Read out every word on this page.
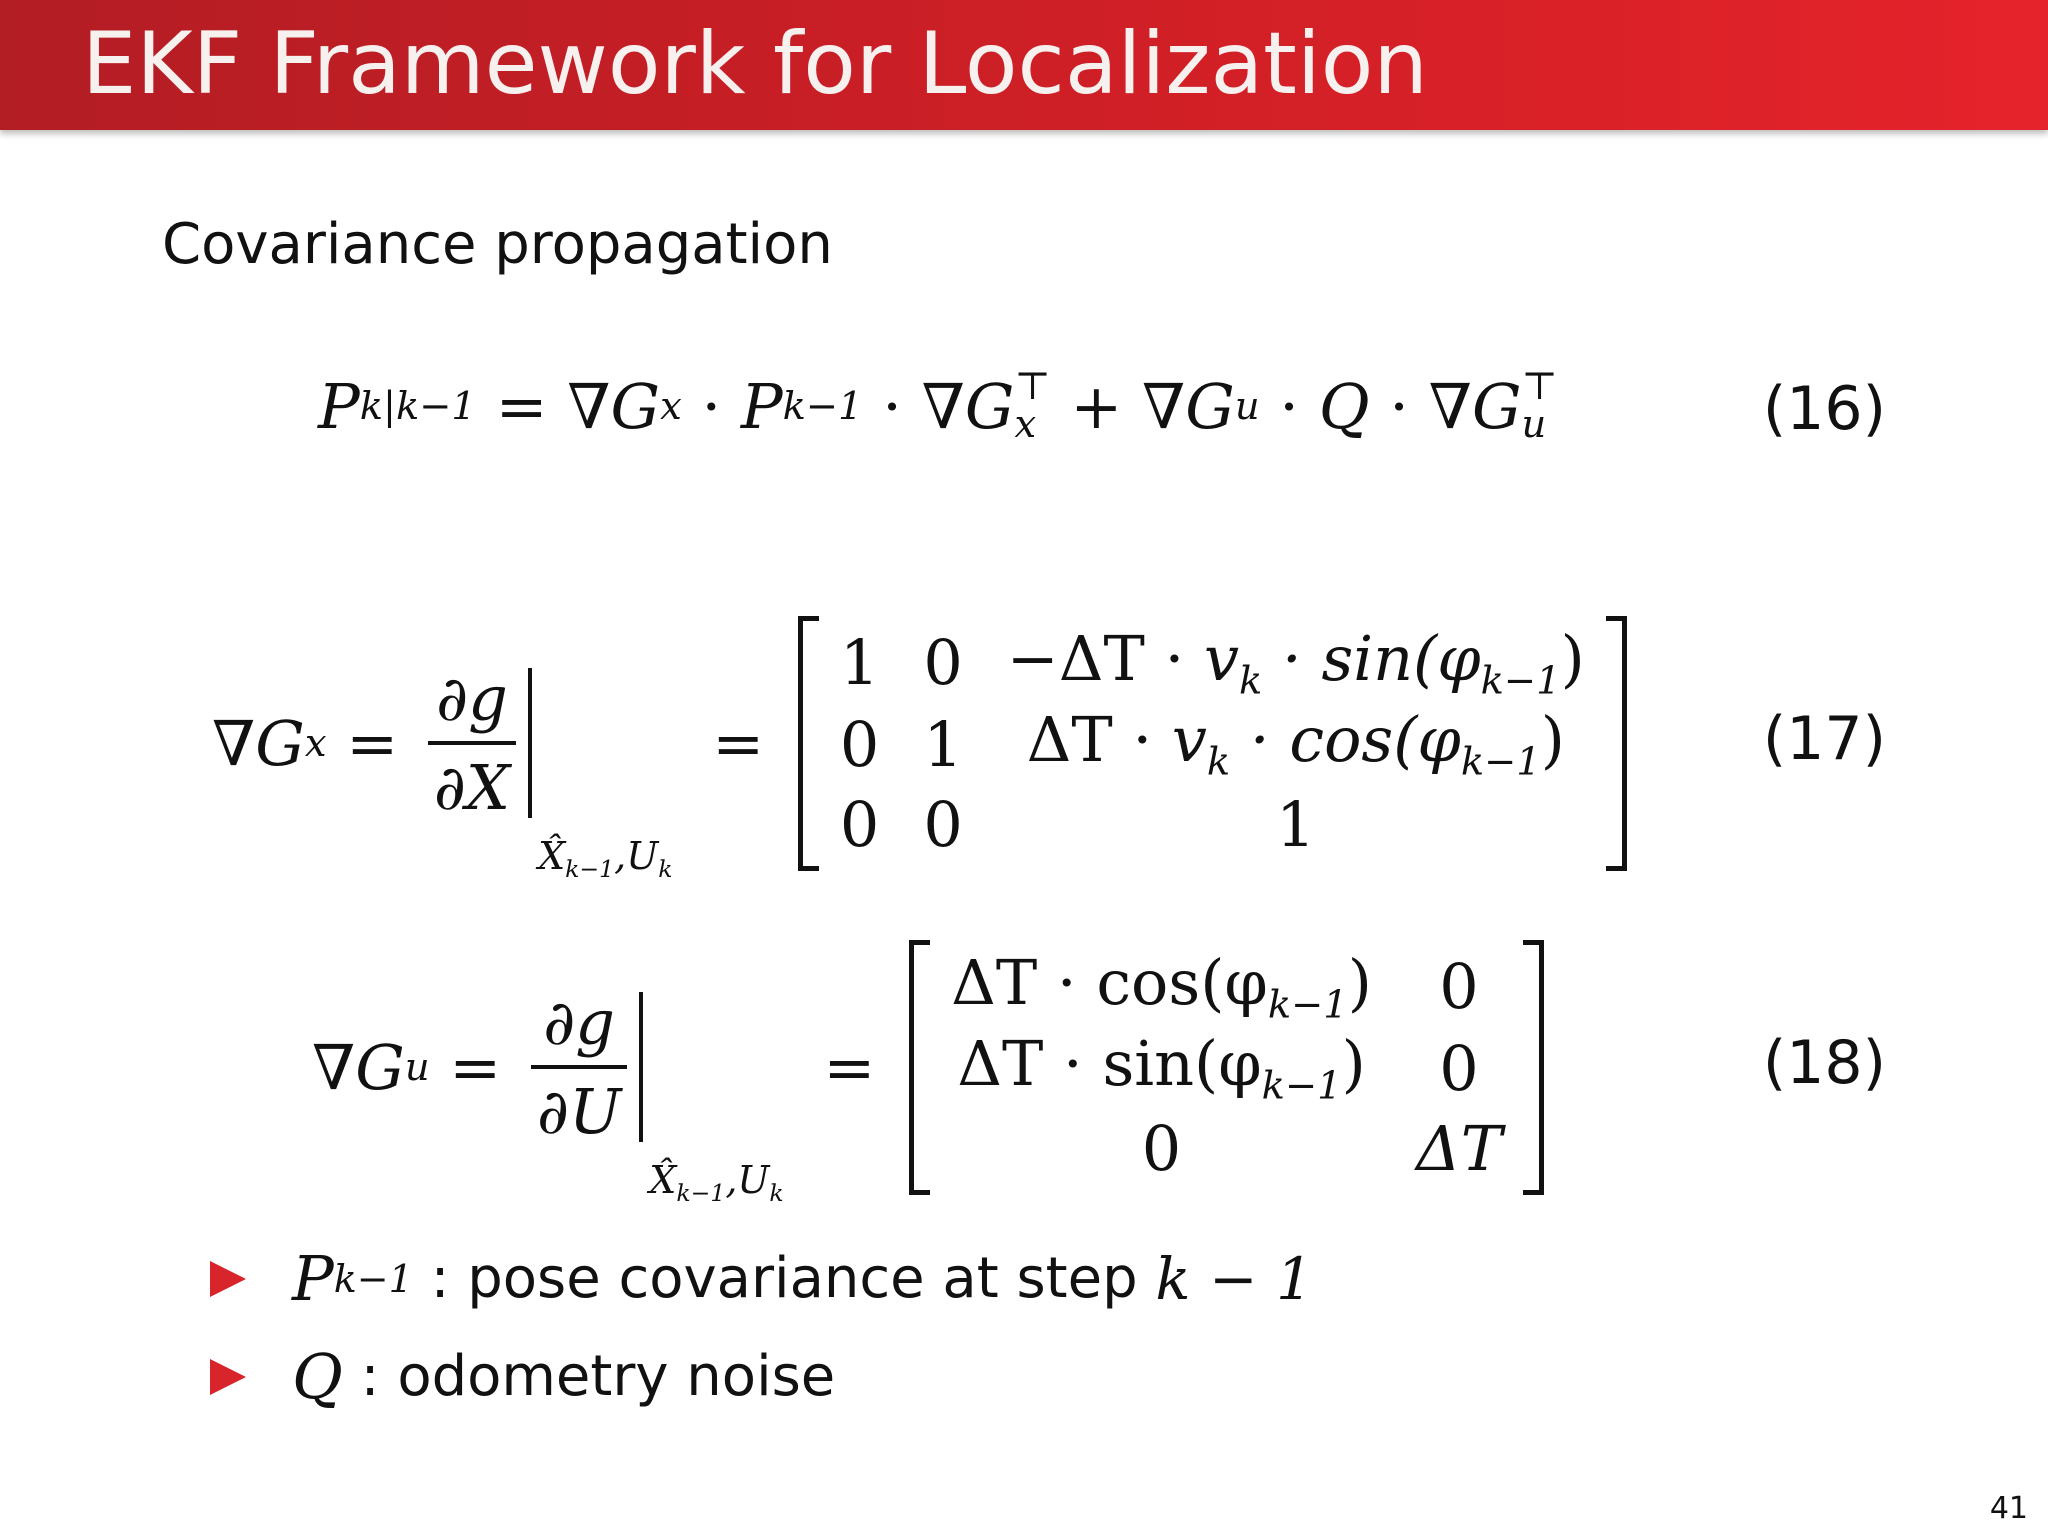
EKF Framework for Localization
Covariance propagation
P k|k−1 = ∇G x · P k−1 · ∇G ⊤
x + ∇G u · Q · ∇G ⊤
u	(16)
∇G $x = \frac{\partial g}{\partial X}$
$X̂_{k-1},U_k$
=
1	0	$-\Delta T \cdot v_k \cdot \sin(\varphi_{k-1})$
0	1	$\Delta T \cdot v_k \cdot \cos(\varphi_{k-1})$
0	0	1
(17)
∇G $u = \frac{\partial g}{\partial U}$
$X̂_{k-1},U_k$
=
$\Delta T \cdot \cos(\varphi_{k-1})$	0
$\Delta T \cdot \sin(\varphi_{k-1})$	0
0	ΔT
(18)
P k−1 : pose covariance at step k − 1
Q : odometry noise
41
